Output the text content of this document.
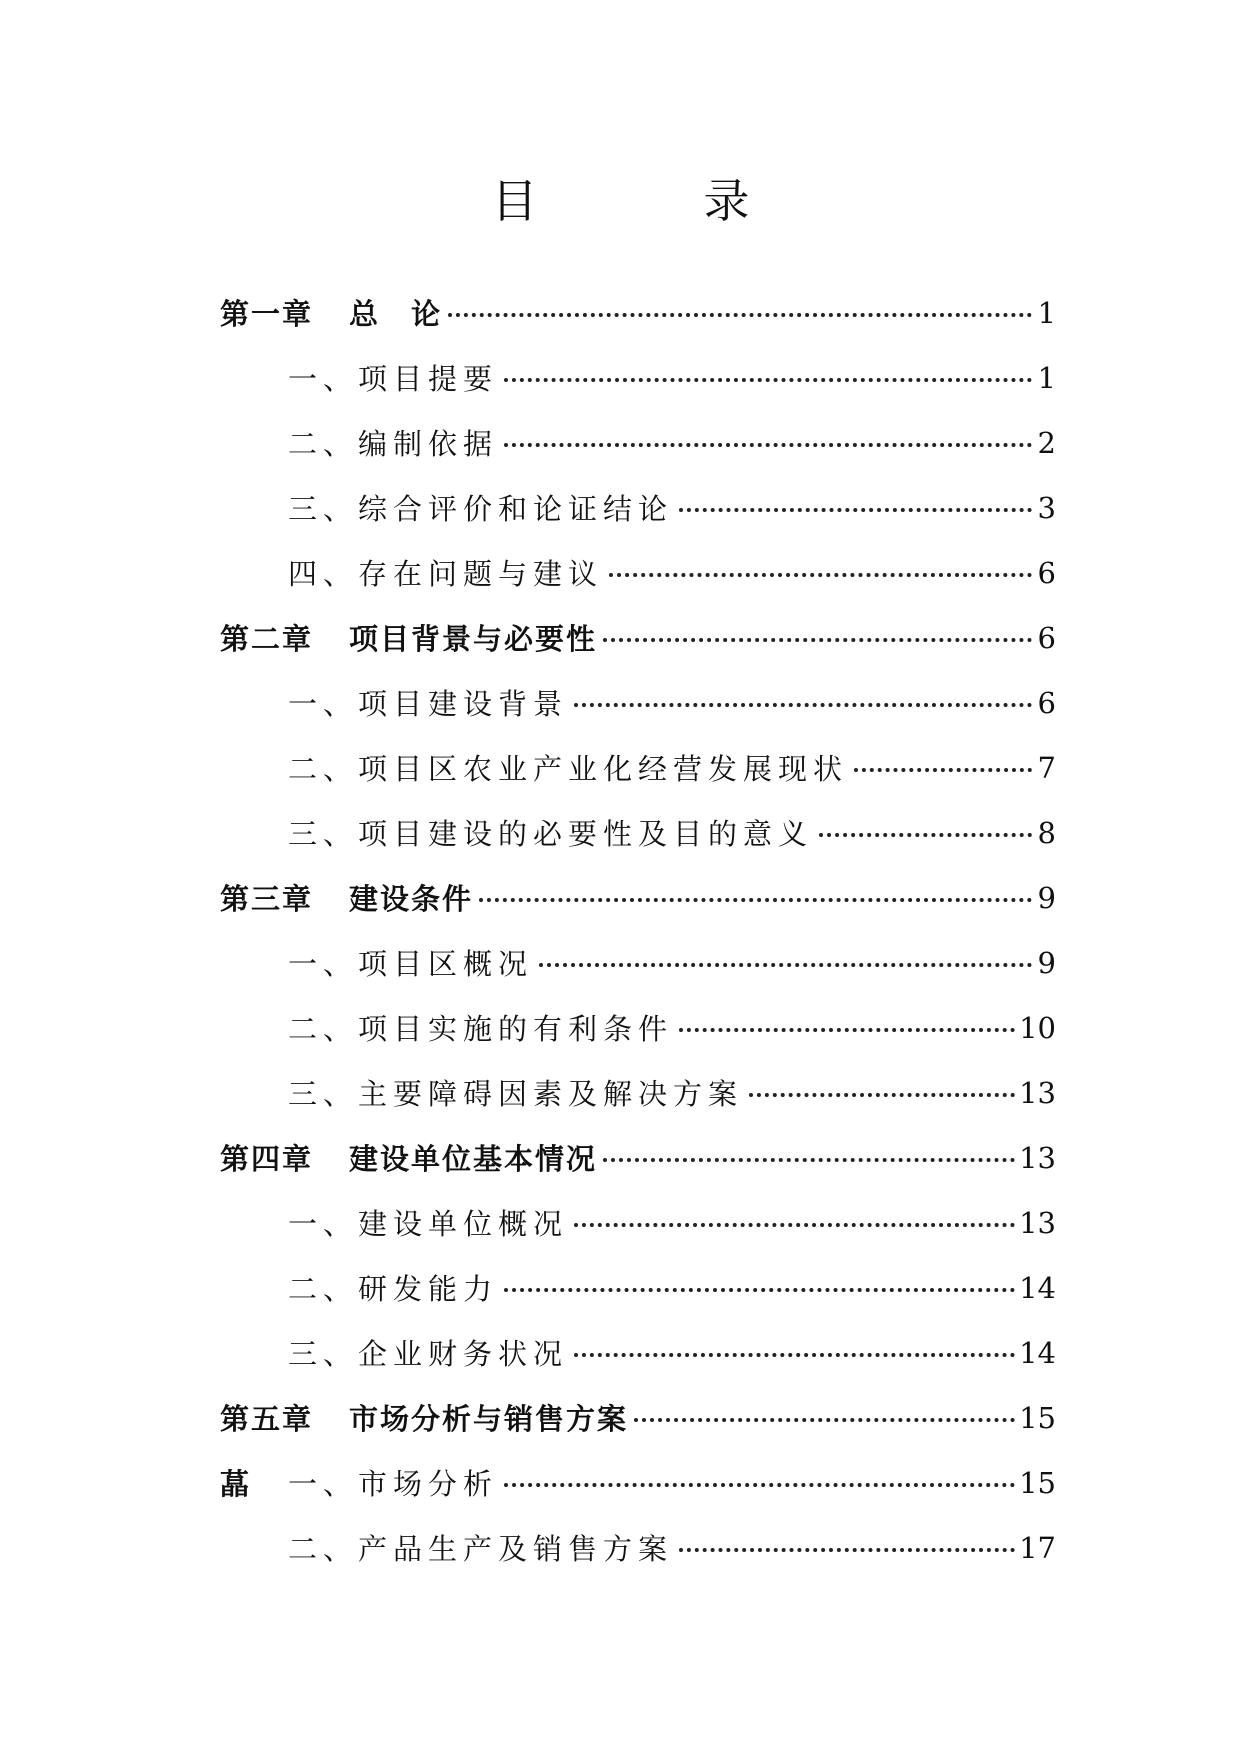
目　录
第一章 总　论	1
一、项目提要	1
二、编制依据	2
三、综合评价和论证结论	3
四、存在问题与建议	6
第二章 项目背景与必要性	6
一、项目建设背景	6
二、项目区农业产业化经营发展现状	7
三、项目建设的必要性及目的意义	8
第三章 建设条件	9
一、项目区概况	9
二、项目实施的有利条件	10
三、主要障碍因素及解决方案	13
第四章 建设单位基本情况	13
一、建设单位概况	13
二、研发能力	14
三、企业财务状况	14
第五章 市场分析与销售方案	15
蕌	一、市场分析	15
二、产品生产及销售方案	17
